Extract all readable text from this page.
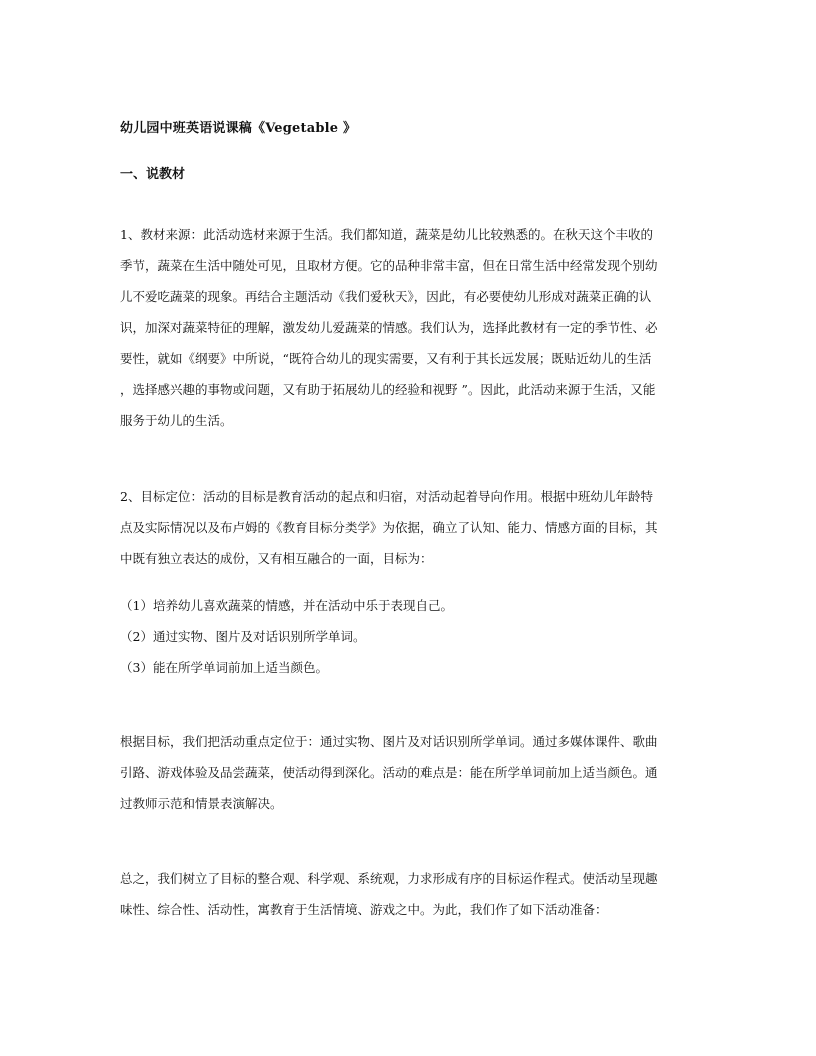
幼儿园中班英语说课稿《Vegetable 》
一、说教材
1、教材来源：此活动选材来源于生活。我们都知道，蔬菜是幼儿比较熟悉的。在秋天这个丰收的
季节，蔬菜在生活中随处可见，且取材方便。它的品种非常丰富，但在日常生活中经常发现个别幼
儿不爱吃蔬菜的现象。再结合主题活动《我们爱秋天》，因此，有必要使幼儿形成对蔬菜正确的认
识，加深对蔬菜特征的理解，激发幼儿爱蔬菜的情感。我们认为，选择此教材有一定的季节性、必
要性，就如《纲要》中所说，“既符合幼儿的现实需要，又有利于其长远发展；既贴近幼儿的生活
，选择感兴趣的事物或问题，又有助于拓展幼儿的经验和视野 ”。因此，此活动来源于生活，又能
服务于幼儿的生活。
2、目标定位：活动的目标是教育活动的起点和归宿，对活动起着导向作用。根据中班幼儿年龄特
点及实际情况以及布卢姆的《教育目标分类学》为依据，确立了认知、能力、情感方面的目标，其
中既有独立表达的成份，又有相互融合的一面，目标为：
（1）培养幼儿喜欢蔬菜的情感，并在活动中乐于表现自己。
（2）通过实物、图片及对话识别所学单词。
（3）能在所学单词前加上适当颜色。
根据目标，我们把活动重点定位于：通过实物、图片及对话识别所学单词。通过多媒体课件、歌曲
引路、游戏体验及品尝蔬菜，使活动得到深化。活动的难点是：能在所学单词前加上适当颜色。通
过教师示范和情景表演解决。
总之，我们树立了目标的整合观、科学观、系统观，力求形成有序的目标运作程式。使活动呈现趣
味性、综合性、活动性，寓教育于生活情境、游戏之中。为此，我们作了如下活动准备：
